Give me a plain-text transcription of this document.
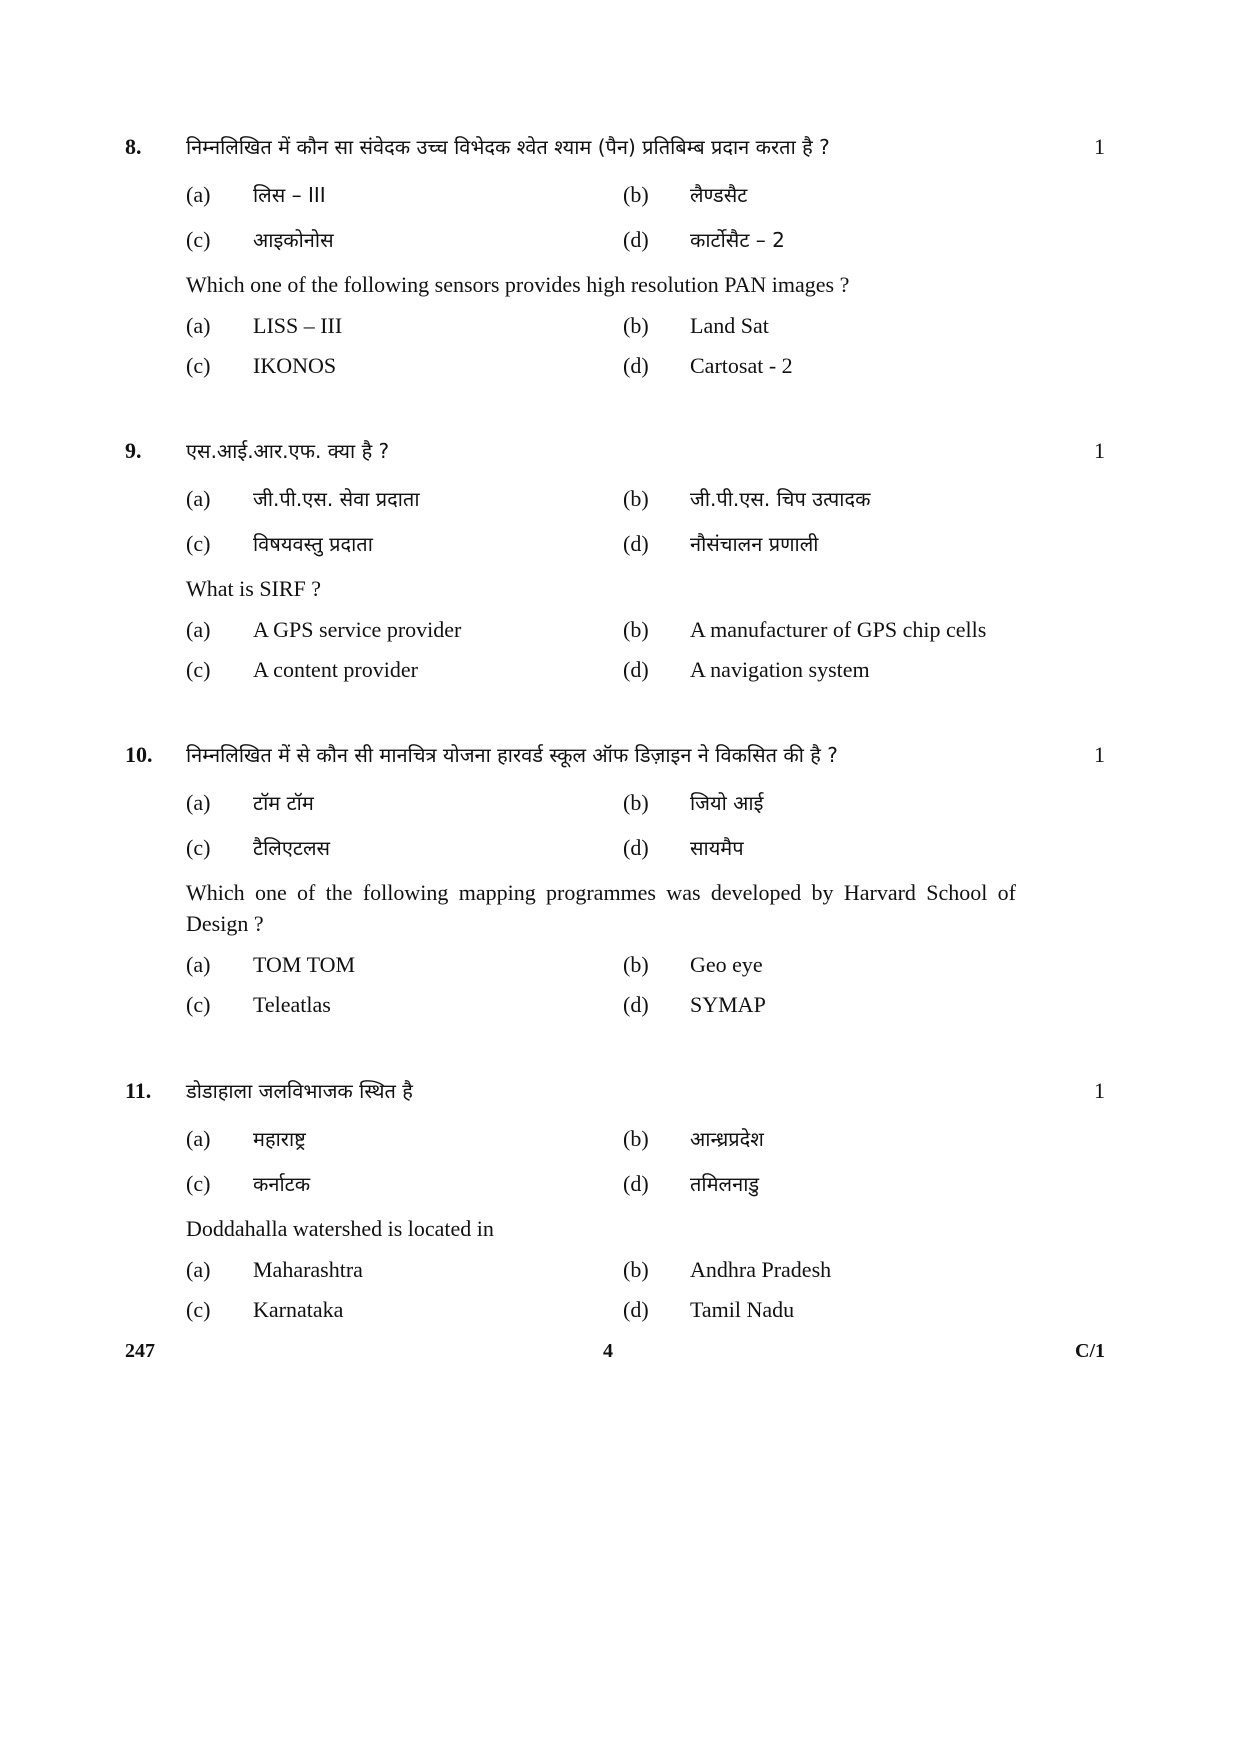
8. निम्नलिखित में कौन सा संवेदक उच्च विभेदक श्वेत श्याम (पैन) प्रतिबिम्ब प्रदान करता है ?	1
(a) लिस – III	(b) लैण्डसैट
(c) आइकोनोस	(d) कार्टोसैट – 2
Which one of the following sensors provides high resolution PAN images ?
(a) LISS – III	(b) Land Sat
(c) IKONOS	(d) Cartosat - 2
9. एस.आई.आर.एफ. क्या है ?	1
(a) जी.पी.एस. सेवा प्रदाता	(b) जी.पी.एस. चिप उत्पादक
(c) विषयवस्तु प्रदाता	(d) नौसंचालन प्रणाली
What is SIRF ?
(a) A GPS service provider	(b) A manufacturer of GPS chip cells
(c) A content provider	(d) A navigation system
10. निम्नलिखित में से कौन सी मानचित्र योजना हारवर्ड स्कूल ऑफ डिज़ाइन ने विकसित की है ?	1
(a) टॉम टॉम	(b) जियो आई
(c) टैलिएटलस	(d) सायमैप
Which one of the following mapping programmes was developed by Harvard School of Design ?
(a) TOM TOM	(b) Geo eye
(c) Teleatlas	(d) SYMAP
11. डोडाहाला जलविभाजक स्थित है	1
(a) महाराष्ट्र	(b) आन्ध्रप्रदेश
(c) कर्नाटक	(d) तमिलनाडु
Doddahalla watershed is located in
(a) Maharashtra	(b) Andhra Pradesh
(c) Karnataka	(d) Tamil Nadu
247	4	C/1
